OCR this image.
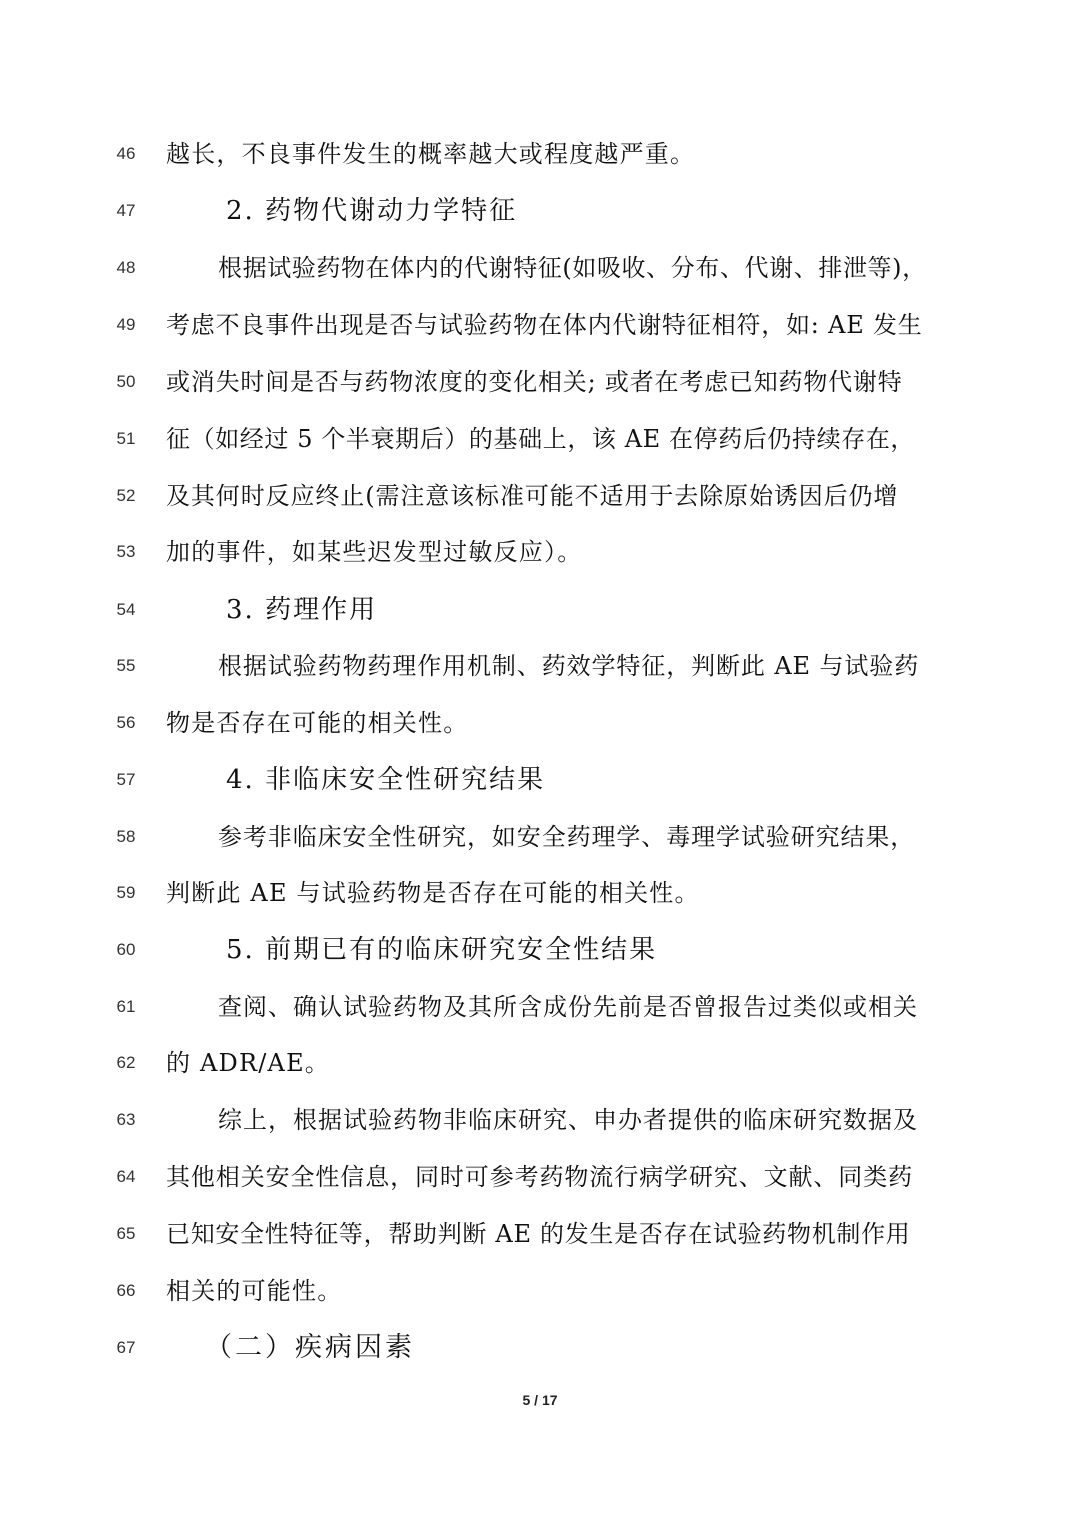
46	越长，不良事件发生的概率越大或程度越严重。
47	2. 药物代谢动力学特征
48	根据试验药物在体内的代谢特征(如吸收、分布、代谢、排泄等)，
49	考虑不良事件出现是否与试验药物在体内代谢特征相符，如: AE 发生
50	或消失时间是否与药物浓度的变化相关; 或者在考虑已知药物代谢特
51	征（如经过 5 个半衰期后）的基础上，该 AE 在停药后仍持续存在，
52	及其何时反应终止(需注意该标准可能不适用于去除原始诱因后仍增
53	加的事件，如某些迟发型过敏反应）。
54	3. 药理作用
55	根据试验药物药理作用机制、药效学特征，判断此 AE 与试验药
56	物是否存在可能的相关性。
57	4. 非临床安全性研究结果
58	参考非临床安全性研究，如安全药理学、毒理学试验研究结果，
59	判断此 AE 与试验药物是否存在可能的相关性。
60	5. 前期已有的临床研究安全性结果
61	查阅、确认试验药物及其所含成份先前是否曾报告过类似或相关
62	的 ADR/AE。
63	综上，根据试验药物非临床研究、申办者提供的临床研究数据及
64	其他相关安全性信息，同时可参考药物流行病学研究、文献、同类药
65	已知安全性特征等，帮助判断 AE 的发生是否存在试验药物机制作用
66	相关的可能性。
67	（二）疾病因素
5 / 17
